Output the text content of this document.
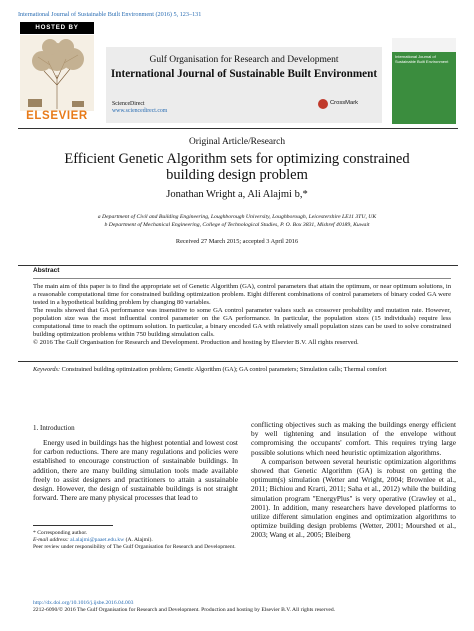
International Journal of Sustainable Built Environment (2016) 5, 123–131
HOSTED BY
ELSEVIER
Gulf Organisation for Research and Development
International Journal of Sustainable Built Environment
ScienceDirect
www.sciencedirect.com
CrossMark
International Journal of Sustainable Built Environment
Original Article/Research
Efficient Genetic Algorithm sets for optimizing constrained
building design problem
Jonathan Wright a, Ali Alajmi b,*
a Department of Civil and Building Engineering, Loughborough University, Loughborough, Leicestershire LE11 3TU, UK
b Department of Mechanical Engineering, College of Technological Studies, P. O. Box 3831, Mishref 40189, Kuwait
Received 27 March 2015; accepted 3 April 2016
Abstract

The main aim of this paper is to find the appropriate set of Genetic Algorithm (GA), control parameters that attain the optimum, or near optimum solutions, in a reasonable computational time for constrained building optimization problem. Eight different combinations of control parameters of binary coded GA were tested in a hypothetical building problem by changing 80 variables.

The results showed that GA performance was insensitive to some GA control parameter values such as crossover probability and mutation rate. However, population size was the most influential control parameter on the GA performance. In particular, the population sizes (15 individuals) require less computational time to reach the optimum solution. In particular, a binary encoded GA with relatively small population sizes can be used to solve constrained building optimization problems within 750 building simulation calls.

© 2016 The Gulf Organisation for Research and Development. Production and hosting by Elsevier B.V. All rights reserved.

Keywords: Constrained building optimization problem; Genetic Algorithm (GA); GA control parameters; Simulation calls; Thermal comfort
1. Introduction

Energy used in buildings has the highest potential and lowest cost for carbon reductions. There are many regulations and policies were established to encourage construction of sustainable buildings. In addition, there are many building simulation tools made available freely to assist designers and practitioners to attain a sustainable design. However, the design of sustainable buildings is not straight forward. There are many physical processes that lead to

conflicting objectives such as making the buildings energy efficient by well tightening and insulation of the envelope without compromising the occupants' comfort. This requires trying large possible solutions which need heuristic optimization algorithms.

A comparison between several heuristic optimization algorithms showed that Genetic Algorithm (GA) is robust on getting the optimum(s) simulation (Wetter and Wright, 2004; Brownlee et al., 2011; Bichiou and Krarti, 2011; Saha et al., 2012) while the building simulation program "EnergyPlus" is very operative (Crawley et al., 2001). In addition, many researchers have developed platforms to utilize different simulation engines and optimization algorithms to optimize building design problems (Wetter, 2001; Mourshed et al., 2003; Wang et al., 2005; Bleiberg

* Corresponding author.
E-mail address: al.alajmi@paaet.edu.kw (A. Alajmi).
Peer review under responsibility of The Gulf Organisation for Research and Development.
http://dx.doi.org/10.1016/j.ijsbe.2016.04.003
2212-6090/© 2016 The Gulf Organisation for Research and Development. Production and hosting by Elsevier B.V. All rights reserved.
